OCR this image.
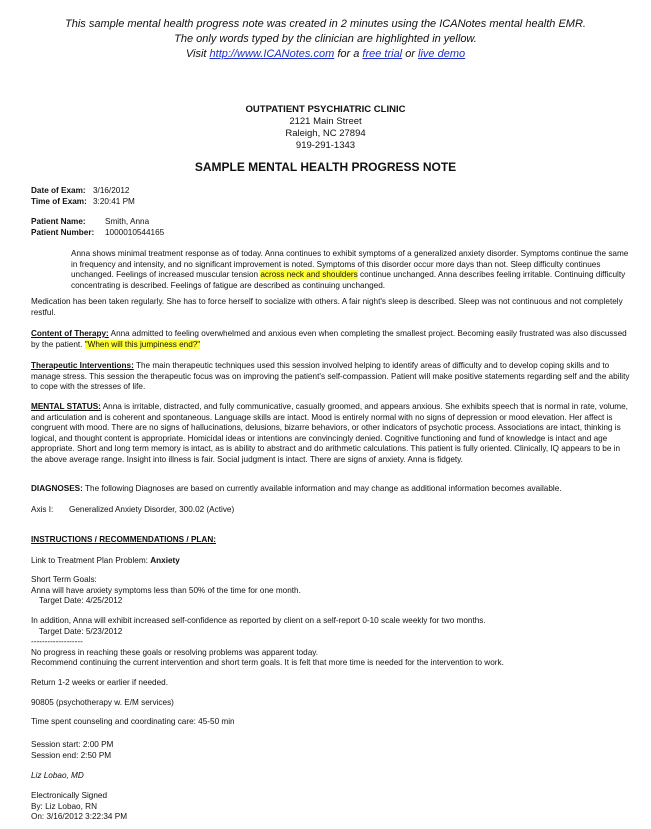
This sample mental health progress note was created in 2 minutes using the ICANotes mental health EMR.
The only words typed by the clinician are highlighted in yellow.
Visit http://www.ICANotes.com for a free trial or live demo
OUTPATIENT PSYCHIATRIC CLINIC
2121 Main Street
Raleigh, NC 27894
919-291-1343
SAMPLE MENTAL HEALTH PROGRESS NOTE
Date of Exam: 3/16/2012
Time of Exam: 3:20:41 PM
Patient Name: Smith, Anna
Patient Number: 1000010544165
Anna shows minimal treatment response as of today. Anna continues to exhibit symptoms of a generalized anxiety disorder. Symptoms continue the same in frequency and intensity, and no significant improvement is noted. Symptoms of this disorder occur more days than not. Sleep difficulty continues unchanged. Feelings of increased muscular tension across neck and shoulders continue unchanged. Anna describes feeling irritable. Continuing difficulty concentrating is described. Feelings of fatigue are described as continuing unchanged.
Medication has been taken regularly. She has to force herself to socialize with others. A fair night's sleep is described. Sleep was not continuous and not completely restful.
Content of Therapy: Anna admitted to feeling overwhelmed and anxious even when completing the smallest project. Becoming easily frustrated was also discussed by the patient. "When will this jumpiness end?"
Therapeutic Interventions: The main therapeutic techniques used this session involved helping to identify areas of difficulty and to develop coping skills and to manage stress. This session the therapeutic focus was on improving the patient's self-compassion. Patient will make positive statements regarding self and the ability to cope with the stresses of life.
MENTAL STATUS: Anna is irritable, distracted, and fully communicative, casually groomed, and appears anxious. She exhibits speech that is normal in rate, volume, and articulation and is coherent and spontaneous. Language skills are intact. Mood is entirely normal with no signs of depression or mood elevation. Her affect is congruent with mood. There are no signs of hallucinations, delusions, bizarre behaviors, or other indicators of psychotic process. Associations are intact, thinking is logical, and thought content is appropriate. Homicidal ideas or intentions are convincingly denied. Cognitive functioning and fund of knowledge is intact and age appropriate. Short and long term memory is intact, as is ability to abstract and do arithmetic calculations. This patient is fully oriented. Clinically, IQ appears to be in the above average range. Insight into illness is fair. Social judgment is intact. There are signs of anxiety. Anna is fidgety.
DIAGNOSES: The following Diagnoses are based on currently available information and may change as additional information becomes available.
Axis I: Generalized Anxiety Disorder, 300.02 (Active)
INSTRUCTIONS / RECOMMENDATIONS / PLAN:
Link to Treatment Plan Problem: Anxiety
Short Term Goals:
Anna will have anxiety symptoms less than 50% of the time for one month.
Target Date: 4/25/2012
In addition, Anna will exhibit increased self-confidence as reported by client on a self-report 0-10 scale weekly for two months.
Target Date: 5/23/2012
-------------------
No progress in reaching these goals or resolving problems was apparent today.
Recommend continuing the current intervention and short term goals. It is felt that more time is needed for the intervention to work.
Return 1-2 weeks or earlier if needed.
90805 (psychotherapy w. E/M services)
Time spent counseling and coordinating care: 45-50 min
Session start: 2:00 PM
Session end: 2:50 PM
Liz Lobao, MD
Electronically Signed
By: Liz Lobao, RN
On: 3/16/2012 3:22:34 PM
